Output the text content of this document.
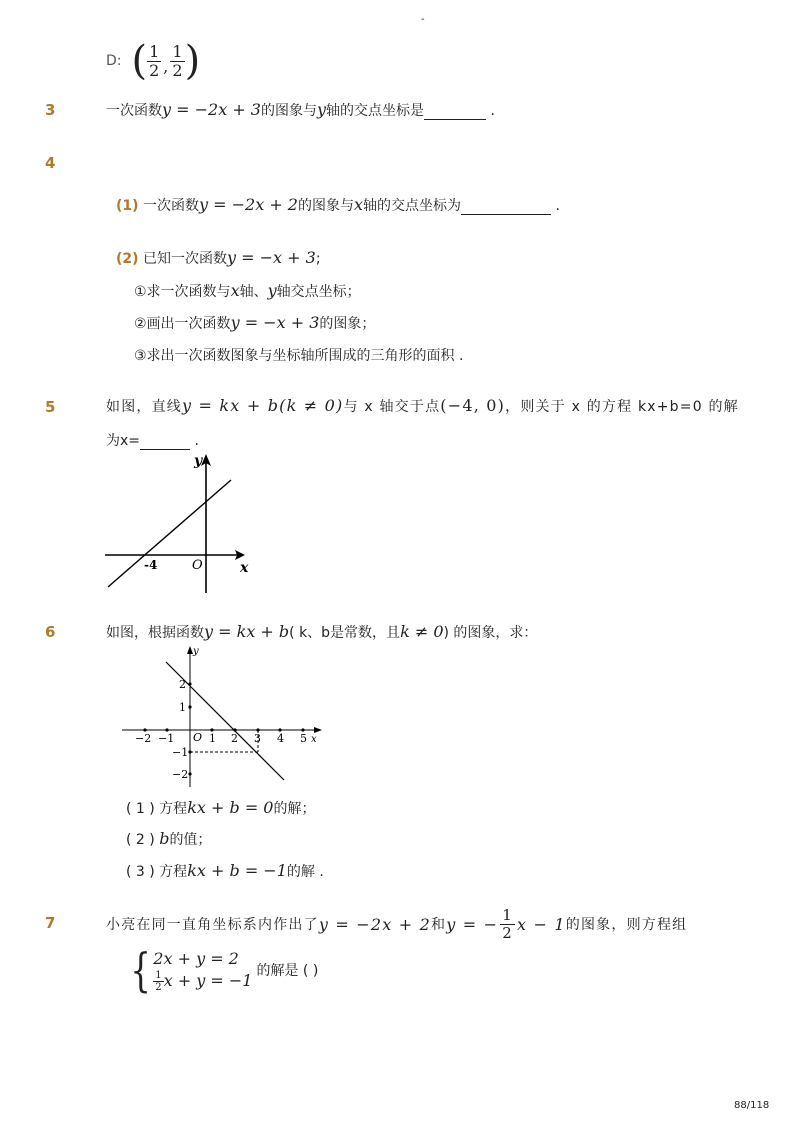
-
D: ( $\frac{1}{2}$ , $\frac{1}{2}$ )
3	一次函数y = −2x + 3的图象与y轴的交点坐标是	.
4
(1) 一次函数y = −2x + 2的图象与x轴的交点坐标为	.
(2) 已知一次函数y = −x + 3;
①求一次函数与x轴、y轴交点坐标；
②画出一次函数y = −x + 3的图象；
③求出一次函数图象与坐标轴所围成的三角形的面积 .
5	如图，直线y = kx + b(k ≠ 0)与 x 轴交于点(−4, 0)，则关于 x 的方程 kx+b=0 的解
为x=	.
y
x
O
-4
6	如图，根据函数y = kx + b( k、b是常数，且k ≠ 0) 的图象，求：
y
x
O
−2 −1	1 2 3 4 5
2
1
−1
−2
( 1 ) 方程kx + b = 0的解；
( 2 ) b的值；
( 3 ) 方程kx + b = −1的解 .
7	小亮在同一直角坐标系内作出了 y = −2x + 2 和 y = − $\frac{1}{2}$ x − 1 的图象，则方程组
{ 2x + y = 2
$\frac{1}{2}$ x + y = −1 的解是 ( )
88/118
